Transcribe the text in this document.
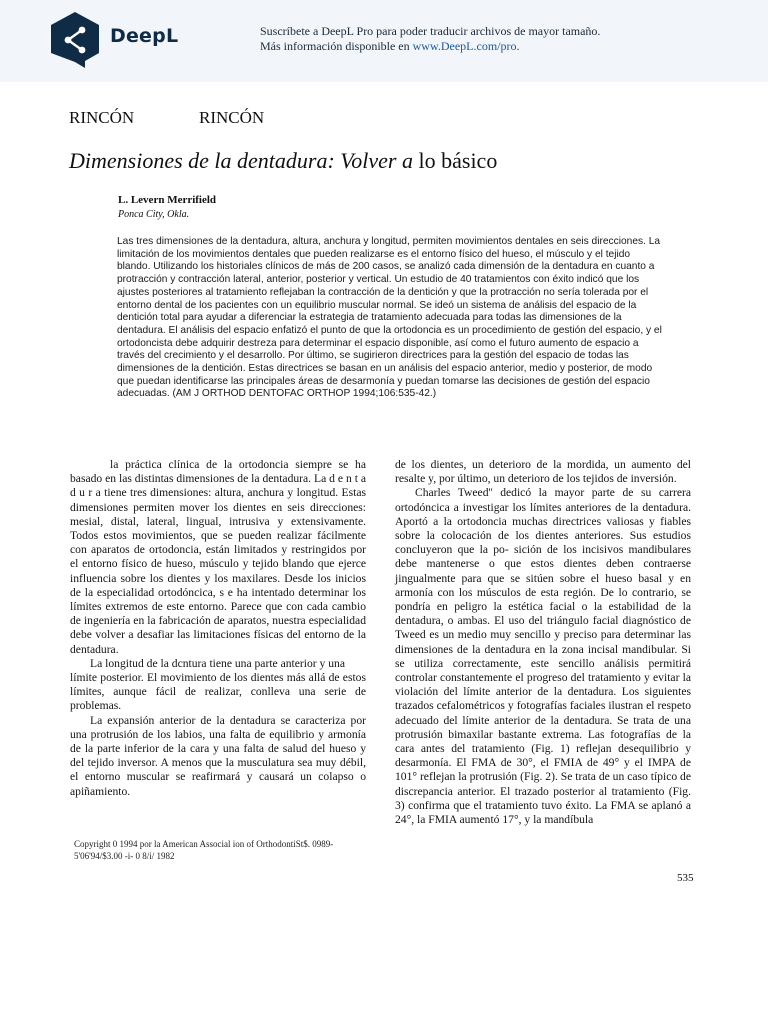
DeepL	Suscríbete a DeepL Pro para poder traducir archivos de mayor tamaño.
Más información disponible en www.DeepL.com/pro.
RINCÓN	RINCÓN
Dimensiones de la dentadura: Volver a lo básico
L. Levern Merrifield
Ponca City, Okla.
Las tres dimensiones de la dentadura, altura, anchura y longitud, permiten movimientos dentales en seis direcciones. La limitación de los movimientos dentales que pueden realizarse es el entorno físico del hueso, el músculo y el tejido blando. Utilizando los historiales clínicos de más de 200 casos, se analizó cada dimensión de la dentadura en cuanto a protracción y contracción lateral, anterior, posterior y vertical. Un estudio de 40 tratamientos con éxito indicó que los ajustes posteriores al tratamiento reflejaban la contracción de la dentición y que la protracción no sería tolerada por el entorno dental de los pacientes con un equilibrio muscular normal. Se ideó un sistema de análisis del espacio de la dentición total para ayudar a diferenciar la estrategia de tratamiento adecuada para todas las dimensiones de la dentadura. El análisis del espacio enfatizó el punto de que la ortodoncia es un procedimiento de gestión del espacio, y el ortodoncista debe adquirir destreza para determinar el espacio disponible, así como el futuro aumento de espacio a través del crecimiento y el desarrollo. Por último, se sugirieron directrices para la gestión del espacio de todas las dimensiones de la dentición. Estas directrices se basan en un análisis del espacio anterior, medio y posterior, de modo que puedan identificarse las principales áreas de desarmonía y puedan tomarse las decisiones de gestión del espacio adecuadas. (AM J ORTHOD DENTOFAC ORTHOP 1994;106:535-42.)

la práctica clínica de la ortodoncia siempre se ha basado en las distintas dimensiones de la dentadura. La d e n t a d u r a tiene tres dimensiones: altura, anchura y longitud. Estas dimensiones permiten mover los dientes en seis direcciones: mesial, distal, lateral, lingual, intrusiva y extensivamente. Todos estos movimientos, que se pueden realizar fácilmente con aparatos de ortodoncia, están limitados y restringidos por el entorno físico de hueso, músculo y tejido blando que ejerce influencia sobre los dientes y los maxilares. Desde los inicios de la especialidad ortodóncica, s e ha intentado determinar los límites extremos de este entorno. Parece que con cada cambio de ingeniería en la fabricación de aparatos, nuestra especialidad debe volver a desafiar las limitaciones físicas del entorno de la dentadura.

La longitud de la dcntura tiene una parte anterior y una

límite posterior. El movimiento de los dientes más allá de estos límites, aunque fácil de realizar, conlleva una serie de problemas.

La expansión anterior de la dentadura se caracteriza por una protrusión de los labios, una falta de equilibrio y armonía de la parte inferior de la cara y una falta de salud del hueso y del tejido inversor. A menos que la musculatura sea muy débil, el entorno muscular se reafirmará y causará un colapso o apiñamiento.

de los dientes, un deterioro de la mordida, un aumento del resalte y, por último, un deterioro de los tejidos de inversión.

Charles Tweed'' dedicó la mayor parte de su carrera ortodóncica a investigar los límites anteriores de la dentadura. Aportó a la ortodoncia muchas directrices valiosas y fiables sobre la colocación de los dientes anteriores. Sus estudios concluyeron que la po- sición de los incisivos mandibulares debe mantenerse o que estos dientes deben contraerse jingualmente para que se sitúen sobre el hueso basal y en armonía con los músculos de esta región. De lo contrario, se pondría en peligro la estética facial o la estabilidad de la dentadura, o ambas. El uso del triángulo facial diagnóstico de Tweed es un medio muy sencillo y preciso para determinar las dimensiones de la dentadura en la zona incisal mandibular. Si se utiliza correctamente, este sencillo análisis permitirá controlar constantemente el progreso del tratamiento y evitar la violación del límite anterior de la dentadura. Los siguientes trazados cefalométricos y fotografías faciales ilustran el respeto adecuado del límite anterior de la dentadura. Se trata de una protrusión bimaxilar bastante extrema. Las fotografías de la cara antes del tratamiento (Fig. 1) reflejan desequilibrio y desarmonía. El FMA de 30°, el FMIA de 49° y el IMPA de 101° reflejan la protrusión (Fig. 2). Se trata de un caso típico de discrepancia anterior. El trazado posterior al tratamiento (Fig. 3) confirma que el tratamiento tuvo éxito. La FMA se aplanó a 24°, la FMIA aumentó 17°, y la mandíbula

Copyright 0 1994 por la American Associal ion of OrthodontiSt$. 0989-5'06'94/$3.00 -i- 0 8/i/ 1982
535
